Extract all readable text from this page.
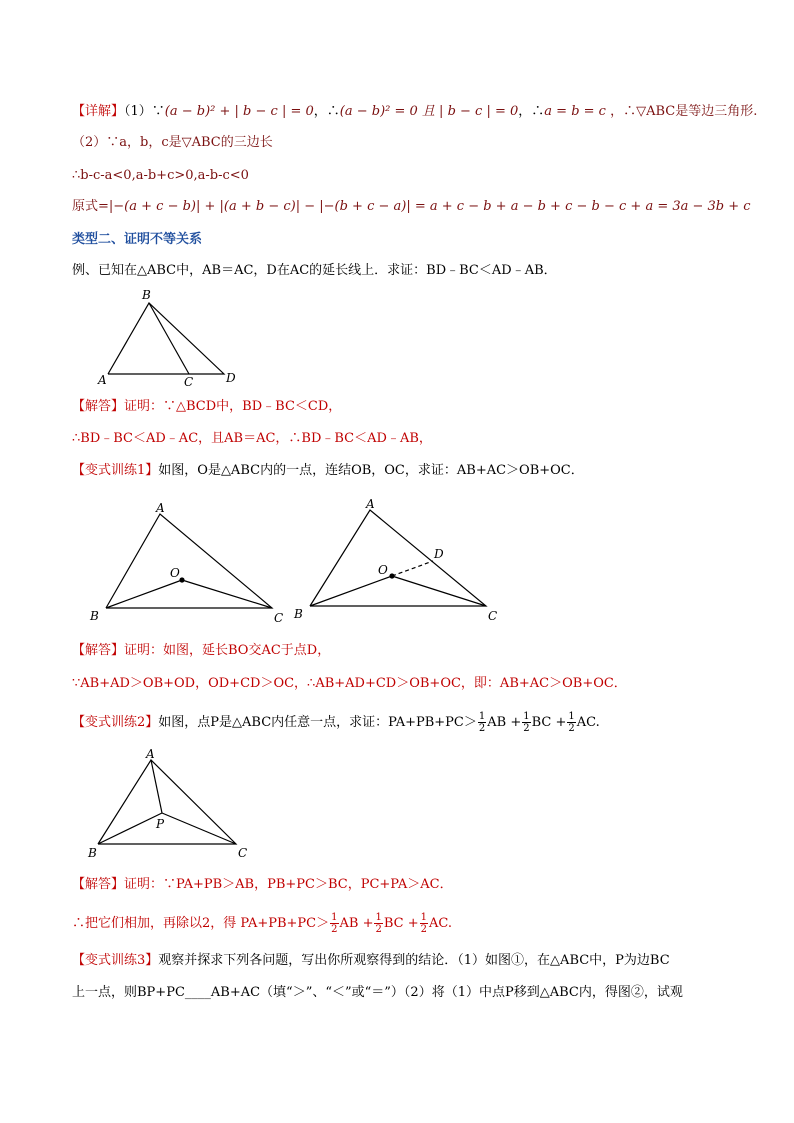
【详解】（1）∵(a − b)² + | b − c | = 0，∴(a − b)² = 0 且 | b − c | = 0，∴a = b = c ，∴▽ABC是等边三角形.
（2）∵a，b，c是▽ABC的三边长
∴b-c-a<0,a-b+c>0,a-b-c<0
原式=|−(a + c − b)| + |(a + b − c)| − |−(b + c − a)| = a + c − b + a − b + c − b − c + a = 3a − 3b + c
类型二、证明不等关系
例、已知在△ABC中，AB＝AC，D在AC的延长线上．求证：BD﹣BC＜AD﹣AB．
B
A	C	D
【解答】证明：∵△BCD中，BD﹣BC＜CD，
∴BD﹣BC＜AD﹣AC，且AB＝AC，∴BD﹣BC＜AD﹣AB，
【变式训练1】如图，O是△ABC内的一点，连结OB，OC，求证：AB+AC＞OB+OC．
A
O
B	C
A
O
D
B	C
【解答】证明：如图，延长BO交AC于点D，
∵AB+AD＞OB+OD，OD+CD＞OC，∴AB+AD+CD＞OB+OC，即：AB+AC＞OB+OC．
【变式训练2】如图，点P是△ABC内任意一点，求证：$PA+PB+PC> \frac{1}{2}$ AB + $\frac{1}{2}$ BC + $\frac{1}{2}$ AC.
A
P
B	C
【解答】证明：∵PA+PB＞AB，PB+PC＞BC，PC+PA＞AC．
∴把它们相加，再除以2，得 $PA+PB+PC> \frac{1}{2}$ AB + $\frac{1}{2}$ BC + $\frac{1}{2}$ AC.
【变式训练3】观察并探求下列各问题，写出你所观察得到的结论．（1）如图①，在△ABC中，P为边BC
上一点，则BP+PC____AB+AC（填“＞”、“＜”或“＝”）（2）将（1）中点P移到△ABC内，得图②，试观
